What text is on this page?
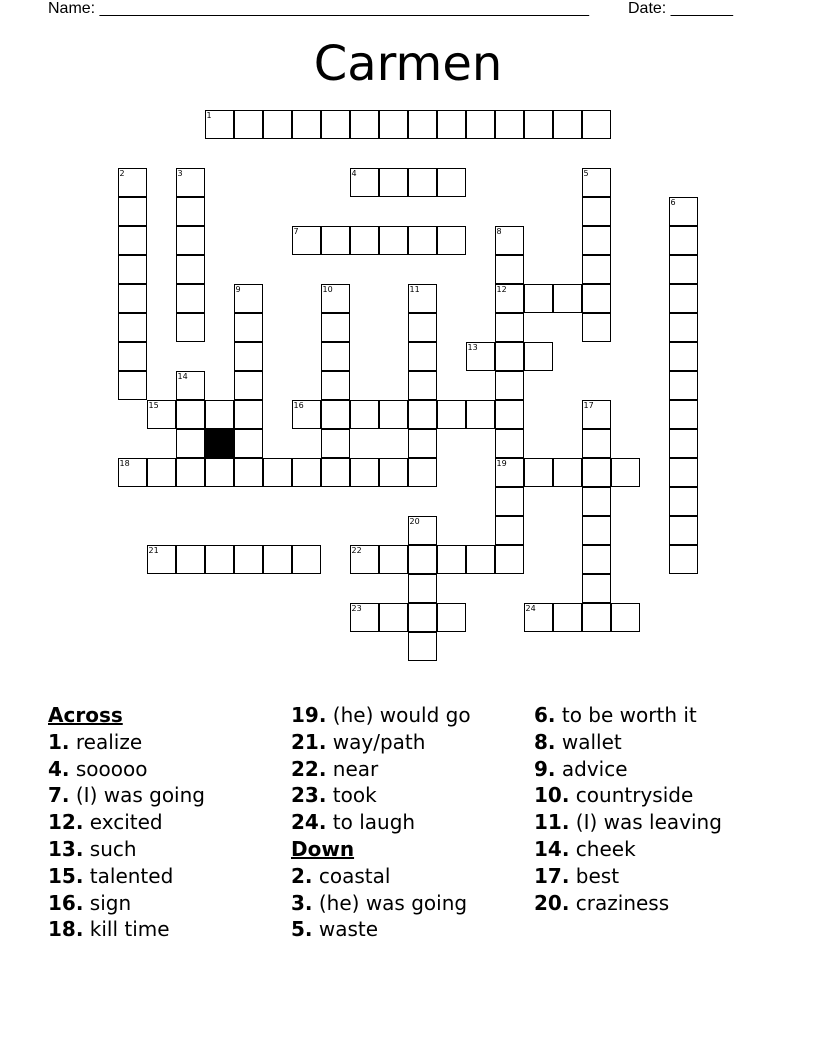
Name: _______________________________________________________ Date: _______
Carmen
1
2	3	4	5
6
7	8
9	10	11	12
13
14
15	16	17
18	19
20
21	22
23	24
Across
1. realize
4. sooooo
7. (I) was going
12. excited
13. such
15. talented
16. sign
18. kill time
19. (he) would go
21. way/path
22. near
23. took
24. to laugh
Down
2. coastal
3. (he) was going
5. waste
6. to be worth it
8. wallet
9. advice
10. countryside
11. (I) was leaving
14. cheek
17. best
20. craziness
